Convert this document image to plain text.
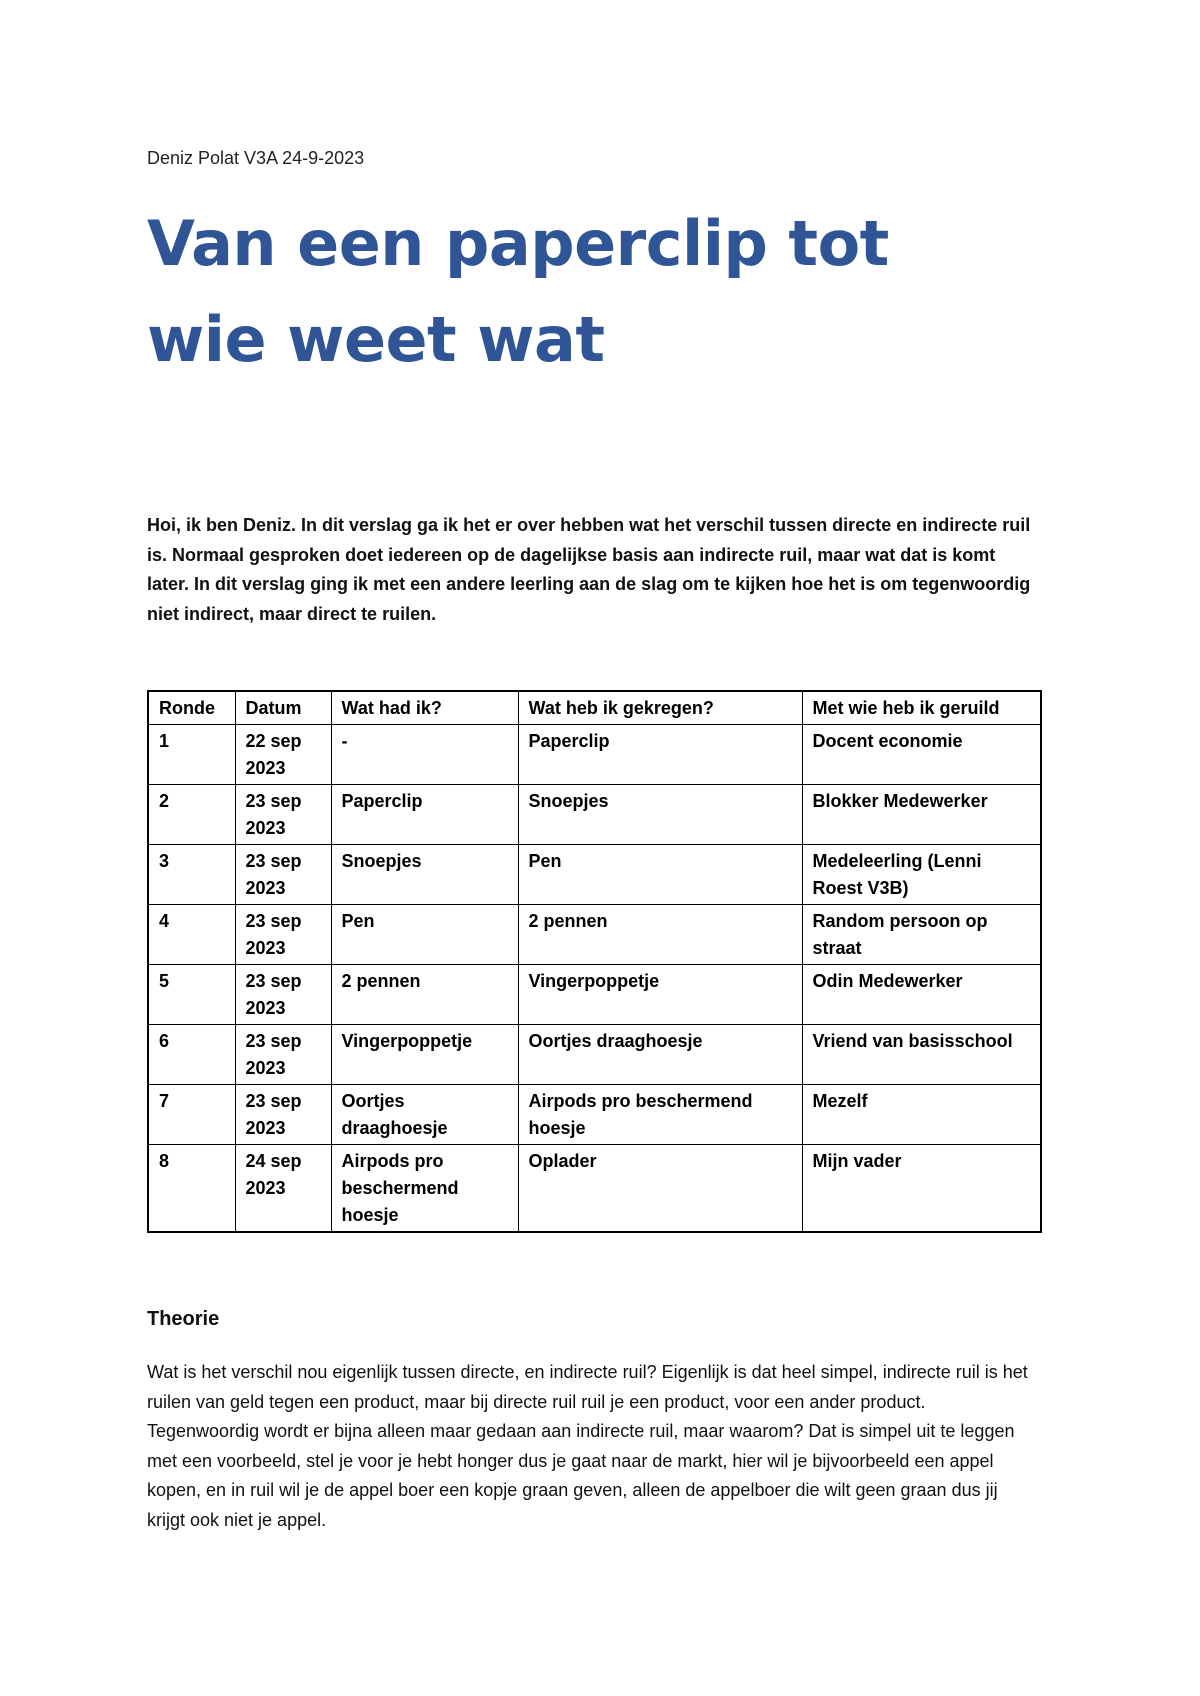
Deniz Polat V3A 24-9-2023
Van een paperclip tot wie weet wat

Hoi, ik ben Deniz. In dit verslag ga ik het er over hebben wat het verschil tussen directe en indirecte ruil is. Normaal gesproken doet iedereen op de dagelijkse basis aan indirecte ruil, maar wat dat is komt later. In dit verslag ging ik met een andere leerling aan de slag om te kijken hoe het is om tegenwoordig niet indirect, maar direct te ruilen.

Ronde	Datum	Wat had ik?	Wat heb ik gekregen?	Met wie heb ik geruild
1	22 sep 2023	-	Paperclip	Docent economie
2	23 sep 2023	Paperclip	Snoepjes	Blokker Medewerker
3	23 sep 2023	Snoepjes	Pen	Medeleerling (Lenni Roest V3B)
4	23 sep 2023	Pen	2 pennen	Random persoon op straat
5	23 sep 2023	2 pennen	Vingerpoppetje	Odin Medewerker
6	23 sep 2023	Vingerpoppetje	Oortjes draaghoesje	Vriend van basisschool
7	23 sep 2023	Oortjes draaghoesje	Airpods pro beschermend hoesje	Mezelf
8	24 sep 2023	Airpods pro beschermend hoesje	Oplader	Mijn vader
Theorie

Wat is het verschil nou eigenlijk tussen directe, en indirecte ruil? Eigenlijk is dat heel simpel, indirecte ruil is het ruilen van geld tegen een product, maar bij directe ruil ruil je een product, voor een ander product. Tegenwoordig wordt er bijna alleen maar gedaan aan indirecte ruil, maar waarom? Dat is simpel uit te leggen met een voorbeeld, stel je voor je hebt honger dus je gaat naar de markt, hier wil je bijvoorbeeld een appel kopen, en in ruil wil je de appel boer een kopje graan geven, alleen de appelboer die wilt geen graan dus jij krijgt ook niet je appel.
